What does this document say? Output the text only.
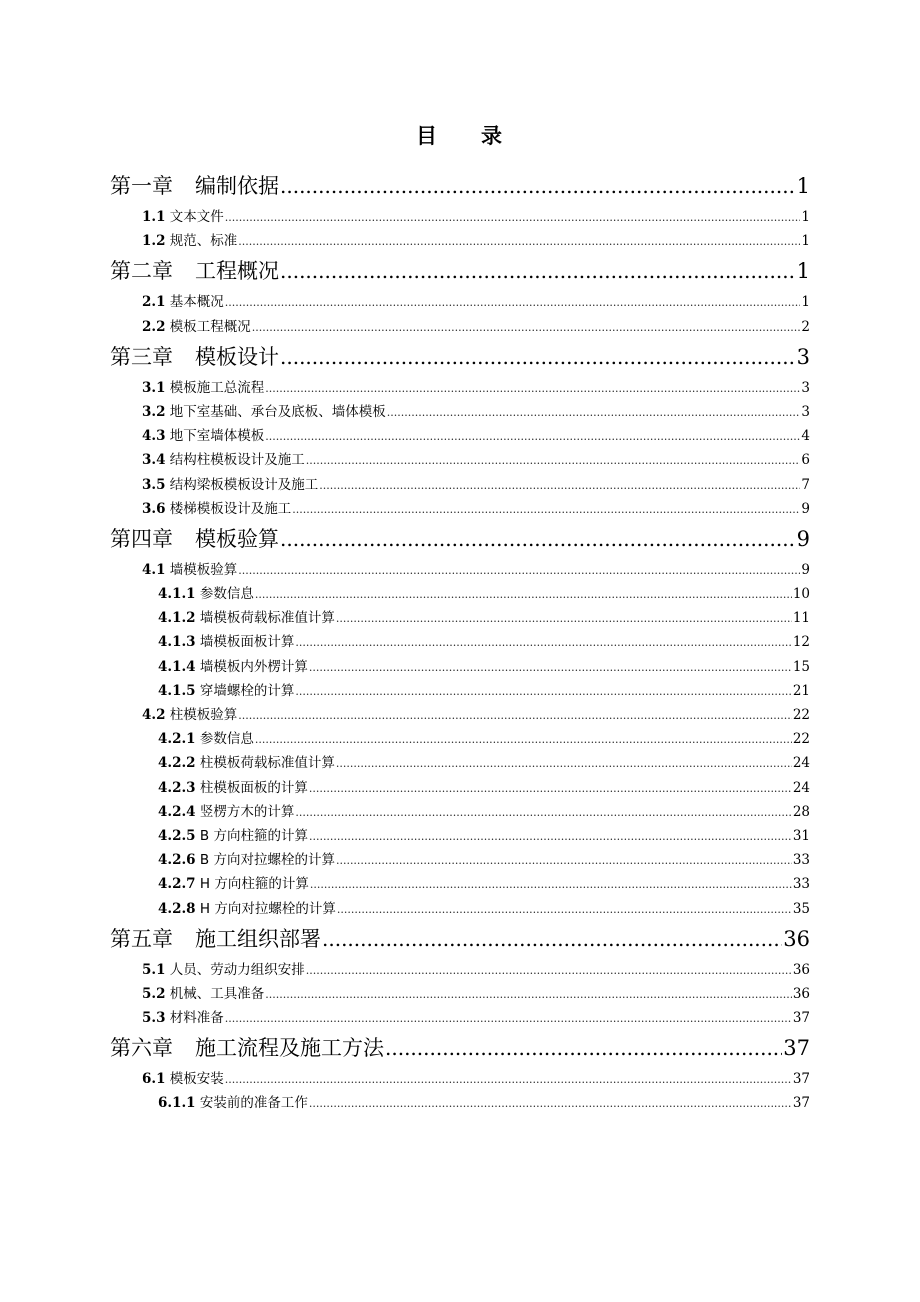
目 录
第一章 编制依据 .....	1
1.1 文本文件 .....	1
1.2 规范、标准 .....	1
第二章 工程概况 .....	1
2.1 基本概况 .....	1
2.2 模板工程概况 .....	2
第三章 模板设计 .....	3
3.1 模板施工总流程 .....	3
3.2 地下室基础、承台及底板、墙体模板 .....	3
4.3 地下室墙体模板 .....	4
3.4 结构柱模板设计及施工 .....	6
3.5 结构梁板模板设计及施工 .....	7
3.6 楼梯模板设计及施工 .....	9
第四章 模板验算 .....	9
4.1 墙模板验算 .....	9
4.1.1 参数信息 .....	10
4.1.2 墙模板荷载标准值计算 .....	11
4.1.3 墙模板面板计算 .....	12
4.1.4 墙模板内外楞计算 .....	15
4.1.5 穿墙螺栓的计算 .....	21
4.2 柱模板验算 .....	22
4.2.1 参数信息 .....	22
4.2.2 柱模板荷载标准值计算 .....	24
4.2.3 柱模板面板的计算 .....	24
4.2.4 竖楞方木的计算 .....	28
4.2.5 B 方向柱箍的计算 .....	31
4.2.6 B 方向对拉螺栓的计算 .....	33
4.2.7 H 方向柱箍的计算 .....	33
4.2.8 H 方向对拉螺栓的计算 .....	35
第五章 施工组织部署 .....	36
5.1 人员、劳动力组织安排 .....	36
5.2 机械、工具准备 .....	36
5.3 材料准备 .....	37
第六章 施工流程及施工方法 .....	37
6.1 模板安装 .....	37
6.1.1 安装前的准备工作 .....	37
